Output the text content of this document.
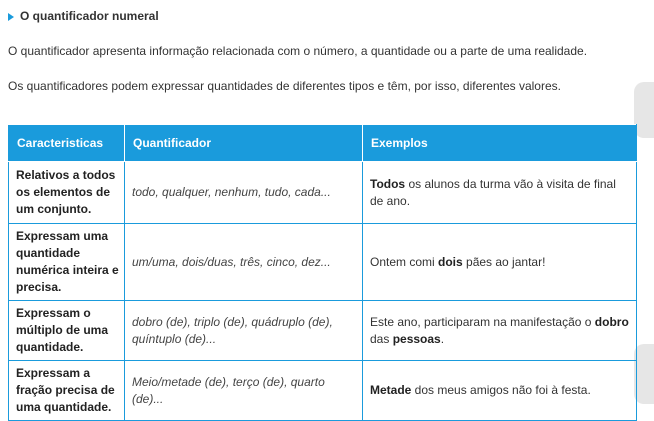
O quantificador numeral
O quantificador apresenta informação relacionada com o número, a quantidade ou a parte de uma realidade.
Os quantificadores podem expressar quantidades de diferentes tipos e têm, por isso, diferentes valores.
Caracteristicas	Quantificador	Exemplos
Relativos a todos os elementos de um conjunto.	todo, qualquer, nenhum, tudo, cada...	Todos os alunos da turma vão à visita de final de ano.
Expressam uma quantidade numérica inteira e precisa.	um/uma, dois/duas, três, cinco, dez...	Ontem comi dois pães ao jantar!
Expressam o múltiplo de uma quantidade.	dobro (de), triplo (de), quádruplo (de), quíntuplo (de)...	Este ano, participaram na manifestação o dobro das pessoas.
Expressam a fração precisa de uma quantidade.	Meio/metade (de), terço (de), quarto (de)...	Metade dos meus amigos não foi à festa.
